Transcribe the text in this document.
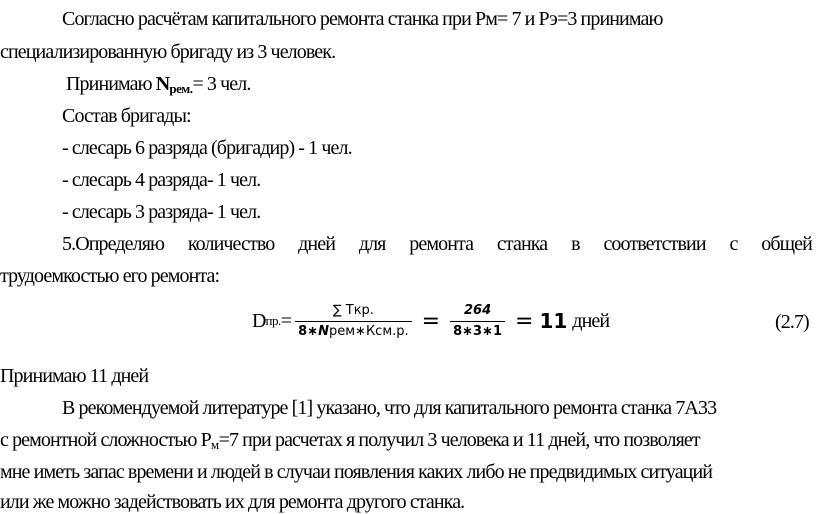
Согласно расчётам капитального ремонта станка при Рм= 7 и Рэ=3 принимаю
специализированную бригаду из 3 человек.
Принимаю $N_{рем.}= 3$ чел.
Состав бригады:
- слесарь 6 разряда (бригадир) - 1 чел.
- слесарь 4 разряда- 1 чел.
- слесарь 3 разряда- 1 чел.
5.Определяю количество дней для ремонта станка в соответствии с общей
трудоемкостью его ремонта:
D пр. = $\frac{\text{∑ Ткр.}}{\text{8∗Nрем∗Ксм.р.}} = \frac{264}{8∗3∗1} = 11$ дней	(2.7)
Принимаю 11 дней
В рекомендуемой литературе [1] указано, что для капитального ремонта станка 7А33
с ремонтной сложностью $Р_м=7$ при расчетах я получил 3 человека и 11 дней, что позволяет
мне иметь запас времени и людей в случаи появления каких либо не предвидимых ситуаций
или же можно задействовать их для ремонта другого станка.
